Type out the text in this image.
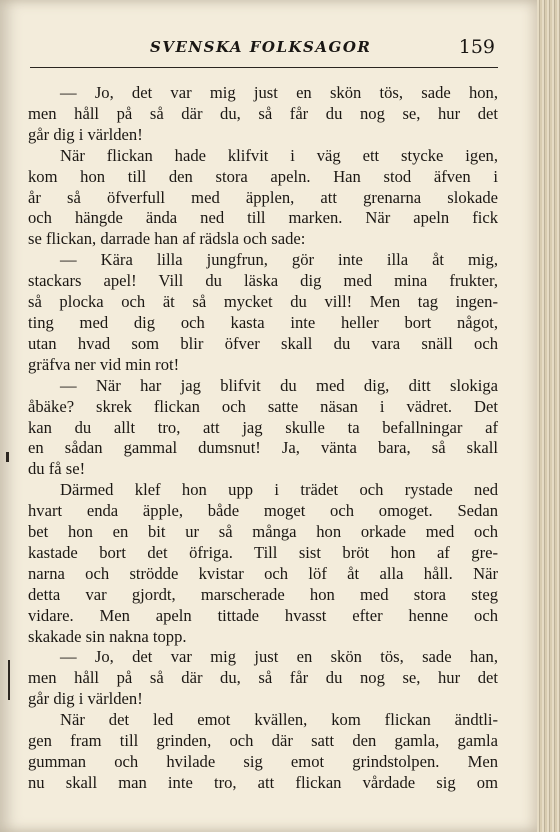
SVENSKA FOLKSAGOR	159
— Jo, det var mig just en skön tös, sade hon,
men håll på så där du, så får du nog se, hur det
går dig i världen!
När flickan hade klifvit i väg ett stycke igen,
kom hon till den stora apeln. Han stod äfven i
år så öfverfull med äpplen, att grenarna slokade
och hängde ända ned till marken. När apeln fick
se flickan, darrade han af rädsla och sade:
— Kära lilla jungfrun, gör inte illa åt mig,
stackars apel! Vill du läska dig med mina frukter,
så plocka och ät så mycket du vill! Men tag ingen-
ting med dig och kasta inte heller bort något,
utan hvad som blir öfver skall du vara snäll och
gräfva ner vid min rot!
— När har jag blifvit du med dig, ditt slokiga
åbäke? skrek flickan och satte näsan i vädret. Det
kan du allt tro, att jag skulle ta befallningar af
en sådan gammal dumsnut! Ja, vänta bara, så skall
du få se!
Därmed klef hon upp i trädet och rystade ned
hvart enda äpple, både moget och omoget. Sedan
bet hon en bit ur så många hon orkade med och
kastade bort det öfriga. Till sist bröt hon af gre-
narna och strödde kvistar och löf åt alla håll. När
detta var gjordt, marscherade hon med stora steg
vidare. Men apeln tittade hvasst efter henne och
skakade sin nakna topp.
— Jo, det var mig just en skön tös, sade han,
men håll på så där du, så får du nog se, hur det
går dig i världen!
När det led emot kvällen, kom flickan ändtli-
gen fram till grinden, och där satt den gamla, gamla
gumman och hvilade sig emot grindstolpen. Men
nu skall man inte tro, att flickan vårdade sig om
